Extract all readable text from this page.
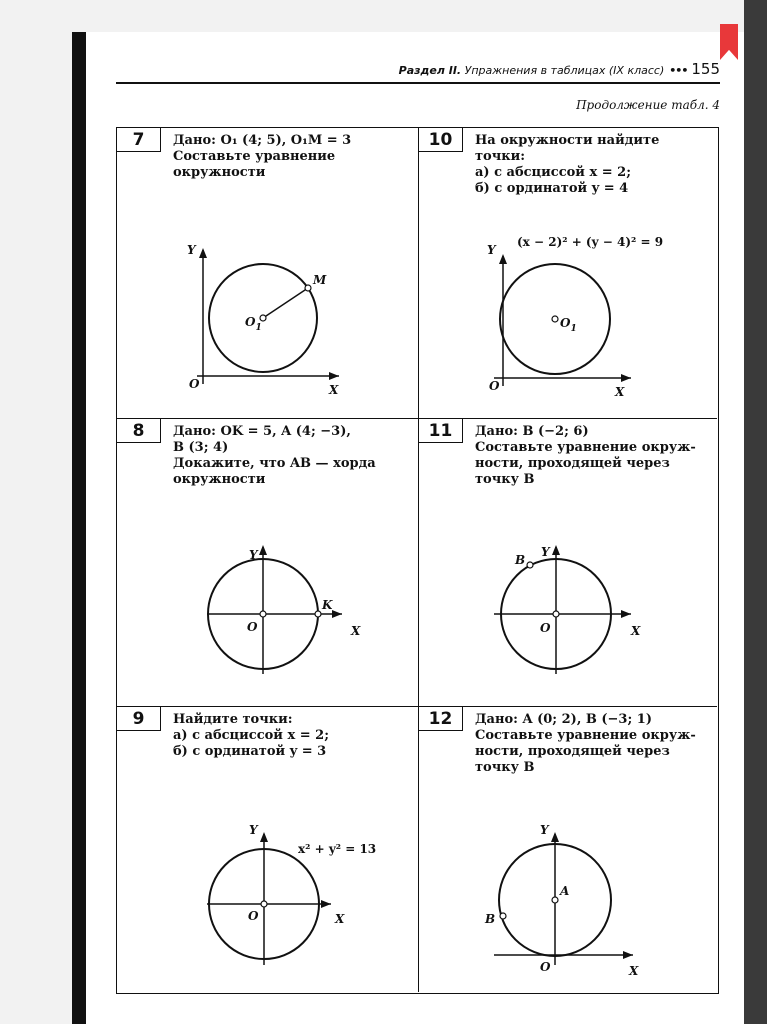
Раздел II. Упражнения в таблицах (IX класс) ••• 155
Продолжение табл. 4
7	Дано: O₁ (4; 5), O₁M = 3
Составьте уравнение
окружности
Y
X
O
$O_1$
M
10	На окружности найдите
точки:
а) с абсциссой x = 2;
б) с ординатой y = 4
Y
X
O
$O_1$
(x − 2)² + (y − 4)² = 9
8	Дано: OK = 5, A (4; −3),
B (3; 4)
Докажите, что AB — хорда
окружности
Y
X
O
K
11	Дано: B (−2; 6)
Составьте уравнение окруж-
ности, проходящей через
точку B
Y
X
O
B
9	Найдите точки:
а) с абсциссой x = 2;
б) с ординатой y = 3
Y
X
O
x² + y² = 13
12	Дано: A (0; 2), B (−3; 1)
Составьте уравнение окруж-
ности, проходящей через
точку B
Y
X
O
A
B
